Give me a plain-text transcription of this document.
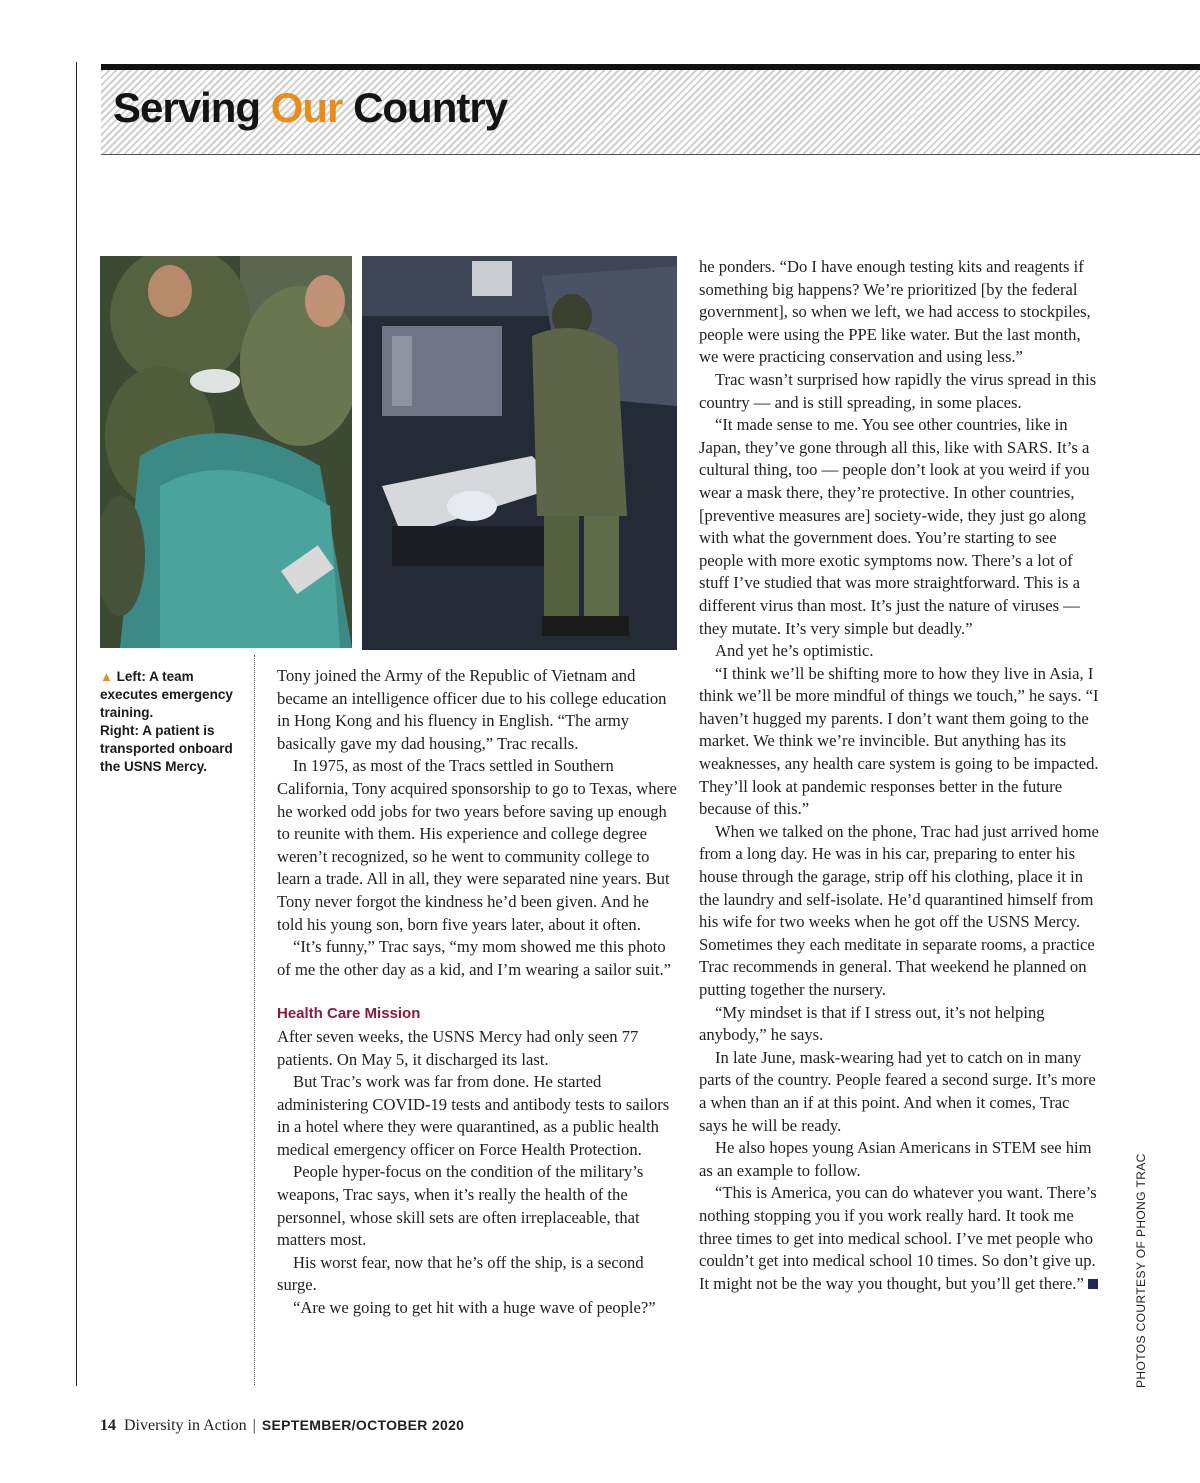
Serving Our Country

▲ Left: A team executes emergency training.

Right: A patient is transported onboard the USNS Mercy.

Tony joined the Army of the Republic of Vietnam and became an intelligence officer due to his college education in Hong Kong and his fluency in English. “The army basically gave my dad housing,” Trac recalls.

In 1975, as most of the Tracs settled in Southern California, Tony acquired sponsorship to go to Texas, where he worked odd jobs for two years before saving up enough to reunite with them. His experience and college degree weren’t recognized, so he went to community college to learn a trade. All in all, they were separated nine years. But Tony never forgot the kindness he’d been given. And he told his young son, born five years later, about it often.

“It’s funny,” Trac says, “my mom showed me this photo of me the other day as a kid, and I’m wearing a sailor suit.”

Health Care Mission

After seven weeks, the USNS Mercy had only seen 77 patients. On May 5, it discharged its last.

But Trac’s work was far from done. He started administering COVID-19 tests and antibody tests to sailors in a hotel where they were quarantined, as a public health medical emergency officer on Force Health Protection.

People hyper-focus on the condition of the military’s weapons, Trac says, when it’s really the health of the personnel, whose skill sets are often irreplaceable, that matters most.

His worst fear, now that he’s off the ship, is a second surge.

“Are we going to get hit with a huge wave of people?”

he ponders. “Do I have enough testing kits and reagents if something big happens? We’re prioritized [by the federal government], so when we left, we had access to stockpiles, people were using the PPE like water. But the last month, we were practicing conservation and using less.”

Trac wasn’t surprised how rapidly the virus spread in this country — and is still spreading, in some places.

“It made sense to me. You see other countries, like in Japan, they’ve gone through all this, like with SARS. It’s a cultural thing, too — people don’t look at you weird if you wear a mask there, they’re protective. In other countries, [preventive measures are] society-wide, they just go along with what the government does. You’re starting to see people with more exotic symptoms now. There’s a lot of stuff I’ve studied that was more straightforward. This is a different virus than most. It’s just the nature of viruses — they mutate. It’s very simple but deadly.”

And yet he’s optimistic.

“I think we’ll be shifting more to how they live in Asia, I think we’ll be more mindful of things we touch,” he says. “I haven’t hugged my parents. I don’t want them going to the market. We think we’re invincible. But anything has its weaknesses, any health care system is going to be impacted. They’ll look at pandemic responses better in the future because of this.”

When we talked on the phone, Trac had just arrived home from a long day. He was in his car, preparing to enter his house through the garage, strip off his clothing, place it in the laundry and self-isolate. He’d quarantined himself from his wife for two weeks when he got off the USNS Mercy. Sometimes they each meditate in separate rooms, a practice Trac recommends in general. That weekend he planned on putting together the nursery.

“My mindset is that if I stress out, it’s not helping anybody,” he says.

In late June, mask-wearing had yet to catch on in many parts of the country. People feared a second surge. It’s more a when than an if at this point. And when it comes, Trac says he will be ready.

He also hopes young Asian Americans in STEM see him as an example to follow.

“This is America, you can do whatever you want. There’s nothing stopping you if you work really hard. It took me three times to get into medical school. I’ve met people who couldn’t get into medical school 10 times. So don’t give up. It might not be the way you thought, but you’ll get there.”	PHOTOS COURTESY OF PHONG TRAC
14 Diversity in Action | SEPTEMBER/OCTOBER 2020
